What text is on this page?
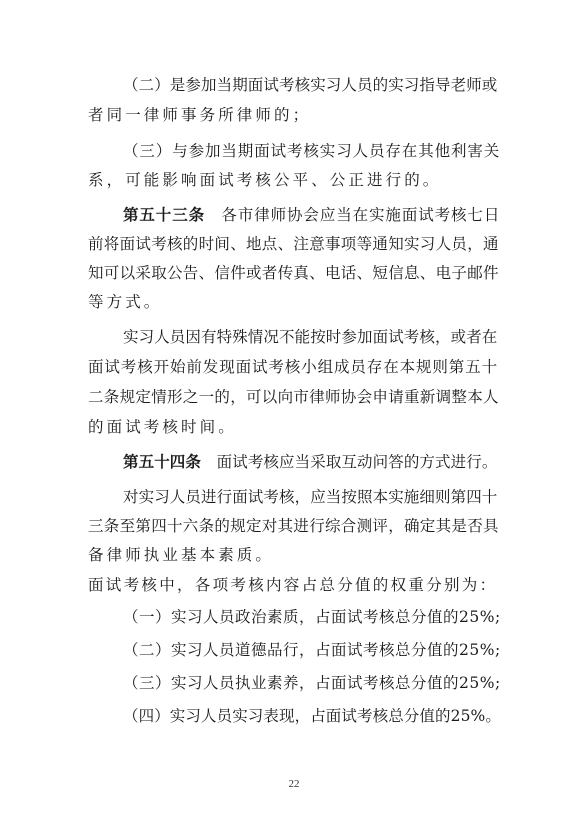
（二）是参加当期面试考核实习人员的实习指导老师或
者同一律师事务所律师的；
（三）与参加当期面试考核实习人员存在其他利害关
系，可能影响面试考核公平、公正进行的。
第五十三条　 各市律师协会应当在实施面试考核七日
前将面试考核的时间、地点、注意事项等通知实习人员，通
知可以采取公告、信件或者传真、电话、短信息、电子邮件
等方式。
实习人员因有特殊情况不能按时参加面试考核，或者在
面试考核开始前发现面试考核小组成员存在本规则第五十
二条规定情形之一的，可以向市律师协会申请重新调整本人
的面试考核时间。
第五十四条　 面试考核应当采取互动问答的方式进行。
对实习人员进行面试考核，应当按照本实施细则第四十
三条至第四十六条的规定对其进行综合测评，确定其是否具
备律师执业基本素质。
面试考核中，各项考核内容占总分值的权重分别为：
（一）实习人员政治素质，占面试考核总分值的25%;
（二）实习人员道德品行，占面试考核总分值的25%;
（三）实习人员执业素养，占面试考核总分值的25%;
（四）实习人员实习表现，占面试考核总分值的25%。
22
